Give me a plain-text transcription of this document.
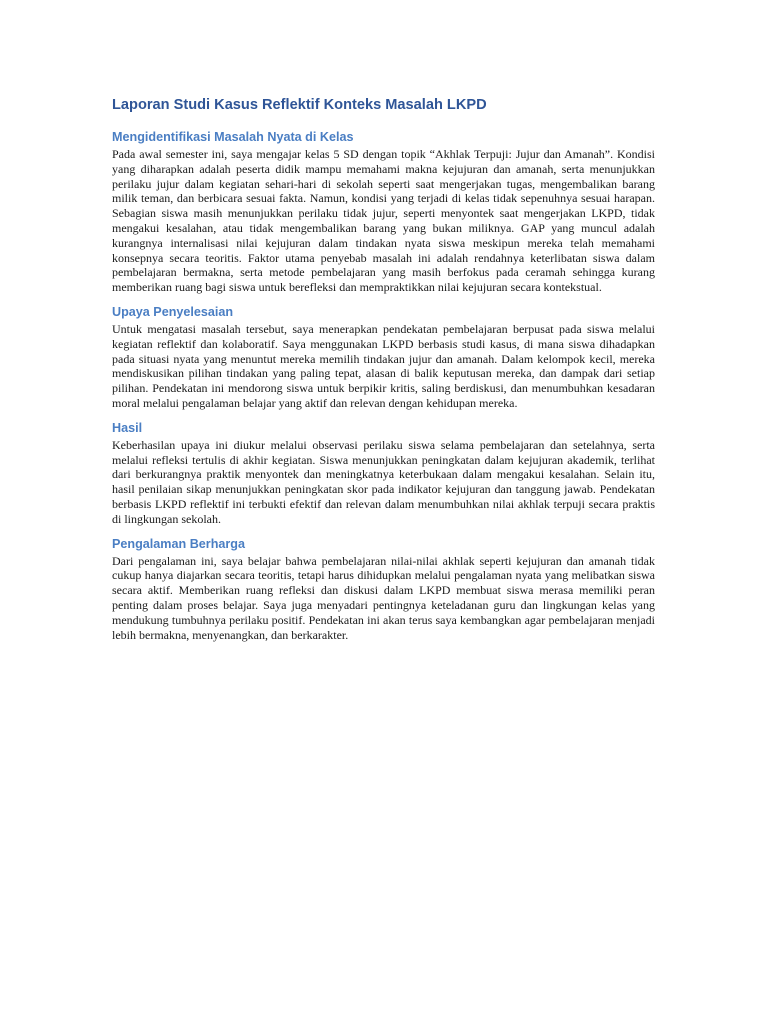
Laporan Studi Kasus Reflektif Konteks Masalah LKPD
Mengidentifikasi Masalah Nyata di Kelas

Pada awal semester ini, saya mengajar kelas 5 SD dengan topik “Akhlak Terpuji: Jujur dan Amanah”. Kondisi yang diharapkan adalah peserta didik mampu memahami makna kejujuran dan amanah, serta menunjukkan perilaku jujur dalam kegiatan sehari-hari di sekolah seperti saat mengerjakan tugas, mengembalikan barang milik teman, dan berbicara sesuai fakta. Namun, kondisi yang terjadi di kelas tidak sepenuhnya sesuai harapan. Sebagian siswa masih menunjukkan perilaku tidak jujur, seperti menyontek saat mengerjakan LKPD, tidak mengakui kesalahan, atau tidak mengembalikan barang yang bukan miliknya. GAP yang muncul adalah kurangnya internalisasi nilai kejujuran dalam tindakan nyata siswa meskipun mereka telah memahami konsepnya secara teoritis. Faktor utama penyebab masalah ini adalah rendahnya keterlibatan siswa dalam pembelajaran bermakna, serta metode pembelajaran yang masih berfokus pada ceramah sehingga kurang memberikan ruang bagi siswa untuk berefleksi dan mempraktikkan nilai kejujuran secara kontekstual.

Upaya Penyelesaian

Untuk mengatasi masalah tersebut, saya menerapkan pendekatan pembelajaran berpusat pada siswa melalui kegiatan reflektif dan kolaboratif. Saya menggunakan LKPD berbasis studi kasus, di mana siswa dihadapkan pada situasi nyata yang menuntut mereka memilih tindakan jujur dan amanah. Dalam kelompok kecil, mereka mendiskusikan pilihan tindakan yang paling tepat, alasan di balik keputusan mereka, dan dampak dari setiap pilihan. Pendekatan ini mendorong siswa untuk berpikir kritis, saling berdiskusi, dan menumbuhkan kesadaran moral melalui pengalaman belajar yang aktif dan relevan dengan kehidupan mereka.

Hasil

Keberhasilan upaya ini diukur melalui observasi perilaku siswa selama pembelajaran dan setelahnya, serta melalui refleksi tertulis di akhir kegiatan. Siswa menunjukkan peningkatan dalam kejujuran akademik, terlihat dari berkurangnya praktik menyontek dan meningkatnya keterbukaan dalam mengakui kesalahan. Selain itu, hasil penilaian sikap menunjukkan peningkatan skor pada indikator kejujuran dan tanggung jawab. Pendekatan berbasis LKPD reflektif ini terbukti efektif dan relevan dalam menumbuhkan nilai akhlak terpuji secara praktis di lingkungan sekolah.

Pengalaman Berharga

Dari pengalaman ini, saya belajar bahwa pembelajaran nilai-nilai akhlak seperti kejujuran dan amanah tidak cukup hanya diajarkan secara teoritis, tetapi harus dihidupkan melalui pengalaman nyata yang melibatkan siswa secara aktif. Memberikan ruang refleksi dan diskusi dalam LKPD membuat siswa merasa memiliki peran penting dalam proses belajar. Saya juga menyadari pentingnya keteladanan guru dan lingkungan kelas yang mendukung tumbuhnya perilaku positif. Pendekatan ini akan terus saya kembangkan agar pembelajaran menjadi lebih bermakna, menyenangkan, dan berkarakter.
